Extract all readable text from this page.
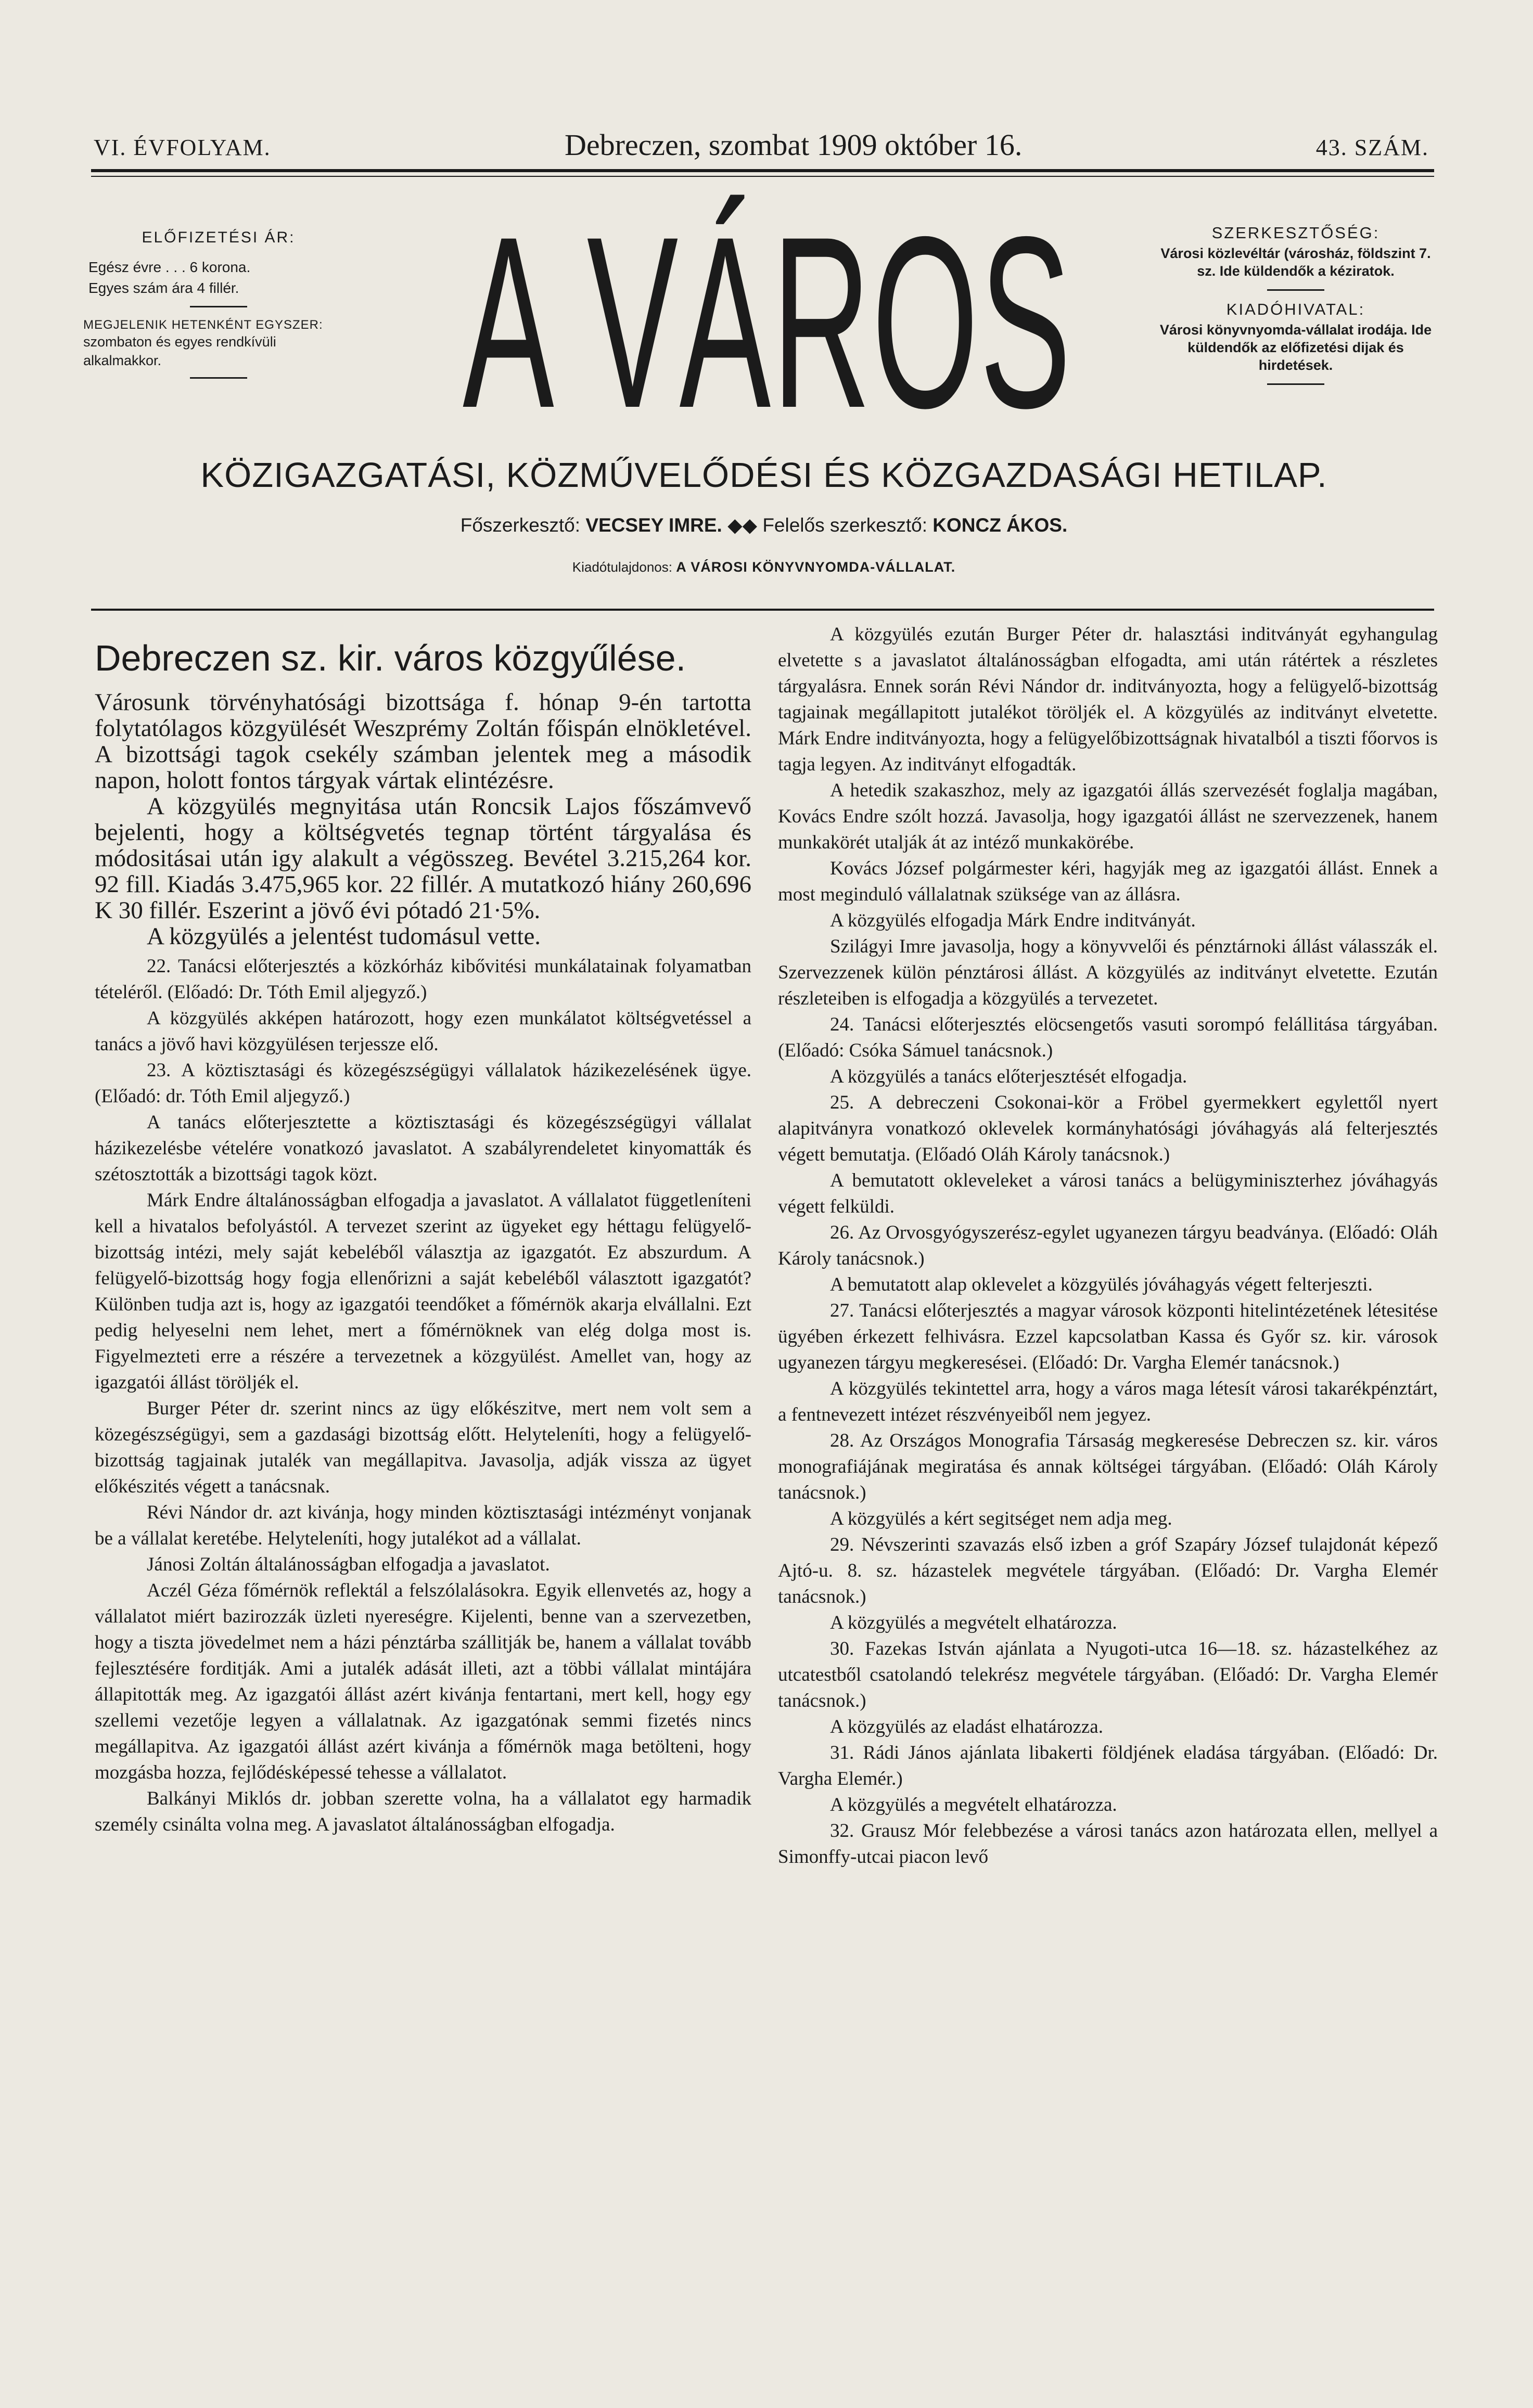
VI. ÉVFOLYAM.	Debreczen, szombat 1909 október 16.	43. SZÁM.
ELŐFIZETÉSI ÁR:
Egész évre . . . 6 korona.
Egyes szám ára 4 fillér.
MEGJELENIK HETENKÉNT EGYSZER:
szombaton és egyes rendkívüli alkalmakkor.	A VÁROS	SZERKESZTŐSÉG:
Városi közlevéltár (városház, földszint 7. sz. Ide küldendők a kéziratok.
KIADÓHIVATAL:
Városi könyvnyomda-vállalat irodája. Ide küldendők az előfizetési dijak és hirdetések.
KÖZIGAZGATÁSI, KÖZMŰVELŐDÉSI ÉS KÖZGAZDASÁGI HETILAP.
Főszerkesztő: VECSEY IMRE. ◆◆ Felelős szerkesztő: KONCZ ÁKOS.
Kiadótulajdonos: A VÁROSI KÖNYVNYOMDA-VÁLLALAT.
Debreczen sz. kir. város közgyűlése.

Városunk törvényhatósági bizottsága f. hónap 9-én tartotta folytatólagos közgyülését Weszprémy Zoltán főispán elnökletével. A bizottsági tagok csekély számban jelentek meg a második napon, holott fontos tárgyak vártak elintézésre.

A közgyülés megnyitása után Roncsik Lajos főszámvevő bejelenti, hogy a költségvetés tegnap történt tárgyalása és módositásai után igy alakult a végösszeg. Bevétel 3.215,264 kor. 92 fill. Kiadás 3.475,965 kor. 22 fillér. A mutatkozó hiány 260,696 K 30 fillér. Eszerint a jövő évi pótadó 21·5%.

A közgyülés a jelentést tudomásul vette.

22. Tanácsi előterjesztés a közkórház kibővitési munkálatainak folyamatban tételéről. (Előadó: Dr. Tóth Emil aljegyző.)

A közgyülés akképen határozott, hogy ezen munkálatot költségvetéssel a tanács a jövő havi közgyülésen terjessze elő.

23. A köztisztasági és közegészségügyi vállalatok házikezelésének ügye. (Előadó: dr. Tóth Emil aljegyző.)

A tanács előterjesztette a köztisztasági és közegészségügyi vállalat házikezelésbe vételére vonatkozó javaslatot. A szabályrendeletet kinyomatták és szétosztották a bizottsági tagok közt.

Márk Endre általánosságban elfogadja a javaslatot. A vállalatot függetleníteni kell a hivatalos befolyástól. A tervezet szerint az ügyeket egy héttagu felügyelő-bizottság intézi, mely saját kebeléből választja az igazgatót. Ez abszurdum. A felügyelő-bizottság hogy fogja ellenőrizni a saját kebeléből választott igazgatót? Különben tudja azt is, hogy az igazgatói teendőket a főmérnök akarja elvállalni. Ezt pedig helyeselni nem lehet, mert a főmérnöknek van elég dolga most is. Figyelmezteti erre a részére a tervezetnek a közgyülést. Amellet van, hogy az igazgatói állást töröljék el.

Burger Péter dr. szerint nincs az ügy előkészitve, mert nem volt sem a közegészségügyi, sem a gazdasági bizottság előtt. Helyteleníti, hogy a felügyelő-bizottság tagjainak jutalék van megállapitva. Javasolja, adják vissza az ügyet előkészités végett a tanácsnak.

Révi Nándor dr. azt kivánja, hogy minden köztisztasági intézményt vonjanak be a vállalat keretébe. Helyteleníti, hogy jutalékot ad a vállalat.

Jánosi Zoltán általánosságban elfogadja a javaslatot.

Aczél Géza főmérnök reflektál a felszólalásokra. Egyik ellenvetés az, hogy a vállalatot miért bazirozzák üzleti nyereségre. Kijelenti, benne van a szervezetben, hogy a tiszta jövedelmet nem a házi pénztárba szállitják be, hanem a vállalat tovább fejlesztésére forditják. Ami a jutalék adását illeti, azt a többi vállalat mintájára állapitották meg. Az igazgatói állást azért kivánja fentartani, mert kell, hogy egy szellemi vezetője legyen a vállalatnak. Az igazgatónak semmi fizetés nincs megállapitva. Az igazgatói állást azért kivánja a főmérnök maga betölteni, hogy mozgásba hozza, fejlődésképessé tehesse a vállalatot.

Balkányi Miklós dr. jobban szerette volna, ha a vállalatot egy harmadik személy csinálta volna meg. A javaslatot általánosságban elfogadja.

A közgyülés ezután Burger Péter dr. halasztási inditványát egyhangulag elvetette s a javaslatot általánosságban elfogadta, ami után rátértek a részletes tárgyalásra. Ennek során Révi Nándor dr. inditványozta, hogy a felügyelő-bizottság tagjainak megállapitott jutalékot töröljék el. A közgyülés az inditványt elvetette. Márk Endre inditványozta, hogy a felügyelőbizottságnak hivatalból a tiszti főorvos is tagja legyen. Az inditványt elfogadták.

A hetedik szakaszhoz, mely az igazgatói állás szervezését foglalja magában, Kovács Endre szólt hozzá. Javasolja, hogy igazgatói állást ne szervezzenek, hanem munkakörét utalják át az intéző munkakörébe.

Kovács József polgármester kéri, hagyják meg az igazgatói állást. Ennek a most meginduló vállalatnak szüksége van az állásra.

A közgyülés elfogadja Márk Endre inditványát.

Szilágyi Imre javasolja, hogy a könyvvelői és pénztárnoki állást válasszák el. Szervezzenek külön pénztárosi állást. A közgyülés az inditványt elvetette. Ezután részleteiben is elfogadja a közgyülés a tervezetet.

24. Tanácsi előterjesztés elöcsengetős vasuti sorompó felállitása tárgyában. (Előadó: Csóka Sámuel tanácsnok.)

A közgyülés a tanács előterjesztését elfogadja.

25. A debreczeni Csokonai-kör a Fröbel gyermekkert egylettől nyert alapitványra vonatkozó oklevelek kormányhatósági jóváhagyás alá felterjesztés végett bemutatja. (Előadó Oláh Károly tanácsnok.)

A bemutatott okleveleket a városi tanács a belügyminiszterhez jóváhagyás végett felküldi.

26. Az Orvosgyógyszerész-egylet ugyanezen tárgyu beadványa. (Előadó: Oláh Károly tanácsnok.)

A bemutatott alap oklevelet a közgyülés jóváhagyás végett felterjeszti.

27. Tanácsi előterjesztés a magyar városok központi hitelintézetének létesitése ügyében érkezett felhivásra. Ezzel kapcsolatban Kassa és Győr sz. kir. városok ugyanezen tárgyu megkeresései. (Előadó: Dr. Vargha Elemér tanácsnok.)

A közgyülés tekintettel arra, hogy a város maga létesít városi takarékpénztárt, a fentnevezett intézet részvényeiből nem jegyez.

28. Az Országos Monografia Társaság megkeresése Debreczen sz. kir. város monografiájának megiratása és annak költségei tárgyában. (Előadó: Oláh Károly tanácsnok.)

A közgyülés a kért segitséget nem adja meg.

29. Névszerinti szavazás első izben a gróf Szapáry József tulajdonát képező Ajtó-u. 8. sz. házastelek megvétele tárgyában. (Előadó: Dr. Vargha Elemér tanácsnok.)

A közgyülés a megvételt elhatározza.

30. Fazekas István ajánlata a Nyugoti-utca 16—18. sz. házastelkéhez az utcatestből csatolandó telekrész megvétele tárgyában. (Előadó: Dr. Vargha Elemér tanácsnok.)

A közgyülés az eladást elhatározza.

31. Rádi János ajánlata libakerti földjének eladása tárgyában. (Előadó: Dr. Vargha Elemér.)

A közgyülés a megvételt elhatározza.

32. Grausz Mór felebbezése a városi tanács azon határozata ellen, mellyel a Simonffy-utcai piacon levő
